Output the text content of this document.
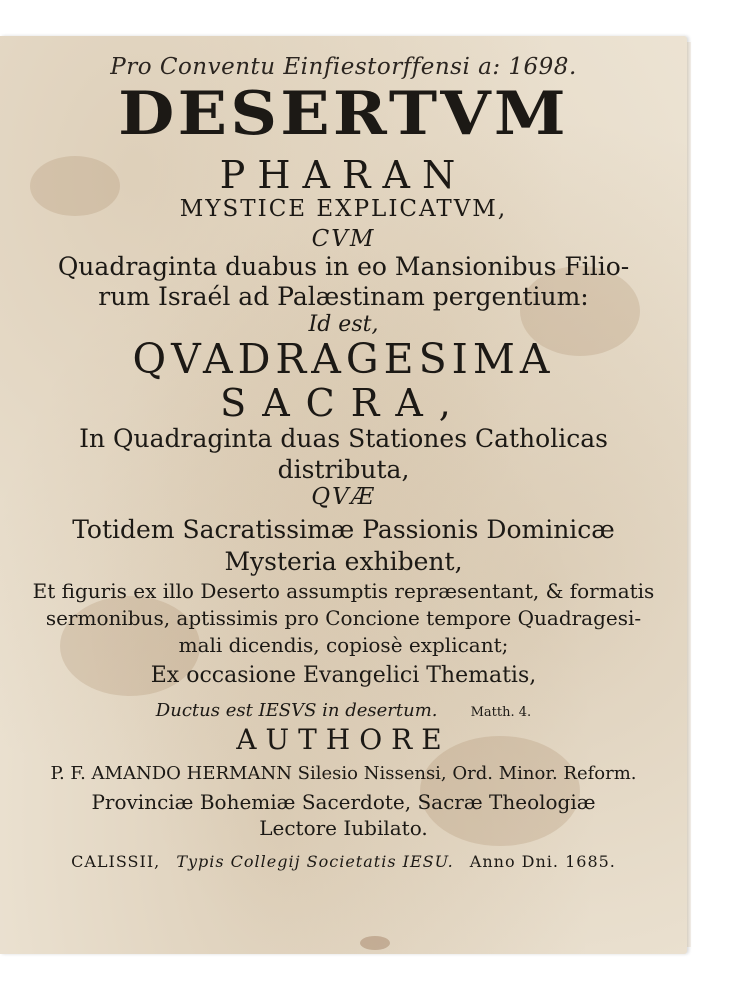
Pro Conventu Einfiestorffensi a: 1698.
DESERTVM
PHARAN
MYSTICE EXPLICATVM,
CVM
Quadraginta duabus in eo Mansionibus Filio-
rum Israél ad Palæstinam pergentium:
Id est,
QVADRAGESIMA
SACRA,
In Quadraginta duas Stationes Catholicas
distributa,
QVÆ
Totidem Sacratissimæ Passionis Dominicæ
Mysteria exhibent,
Et figuris ex illo Deserto assumptis repræsentant, & formatis
sermonibus, aptissimis pro Concione tempore Quadragesi-
mali dicendis, copiosè explicant;
Ex occasione Evangelici Thematis,
Ductus est IESVS in desertum.	Matth. 4.
AUTHORE
P. F. AMANDO HERMANN Silesio Nissensi, Ord. Minor. Reform.
Provinciæ Bohemiæ Sacerdote, Sacræ Theologiæ
Lectore Iubilato.
CALISSII, Typis Collegij Societatis IESU. Anno Dni. 1685.
